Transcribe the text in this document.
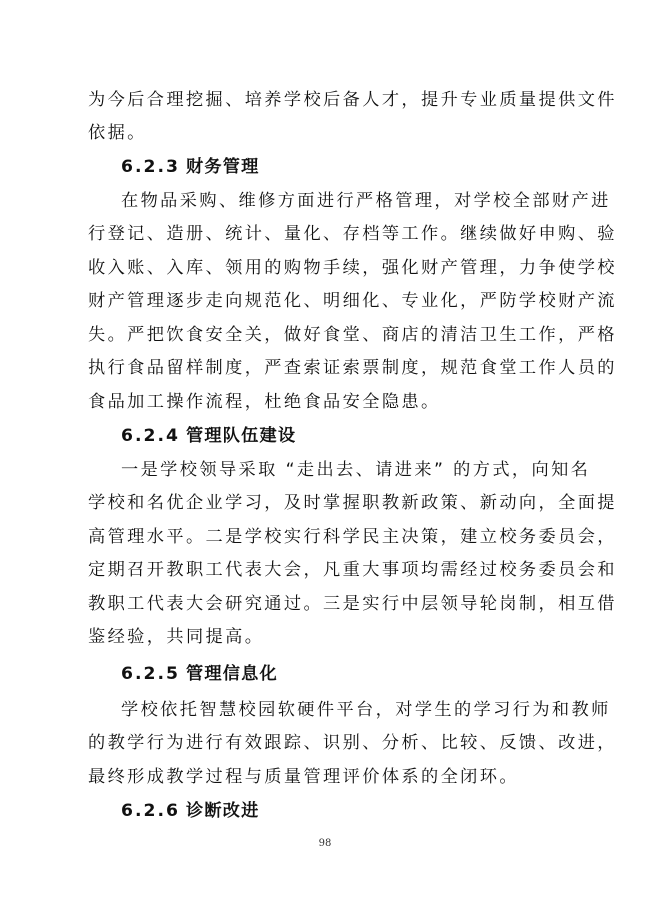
为今后合理挖掘、培养学校后备人才，提升专业质量提供文件
依据。
6.2.3 财务管理
在物品采购、维修方面进行严格管理，对学校全部财产进
行登记、造册、统计、量化、存档等工作。继续做好申购、验
收入账、入库、领用的购物手续，强化财产管理，力争使学校
财产管理逐步走向规范化、明细化、专业化，严防学校财产流
失。严把饮食安全关，做好食堂、商店的清洁卫生工作，严格
执行食品留样制度，严查索证索票制度，规范食堂工作人员的
食品加工操作流程，杜绝食品安全隐患。
6.2.4 管理队伍建设
一是学校领导采取 “走出去、请进来” 的方式，向知名
学校和名优企业学习，及时掌握职教新政策、新动向，全面提
高管理水平。二是学校实行科学民主决策，建立校务委员会，
定期召开教职工代表大会，凡重大事项均需经过校务委员会和
教职工代表大会研究通过。三是实行中层领导轮岗制，相互借
鉴经验，共同提高。
6.2.5 管理信息化
学校依托智慧校园软硬件平台，对学生的学习行为和教师
的教学行为进行有效跟踪、识别、分析、比较、反馈、改进，
最终形成教学过程与质量管理评价体系的全闭环。
6.2.6 诊断改进
98
